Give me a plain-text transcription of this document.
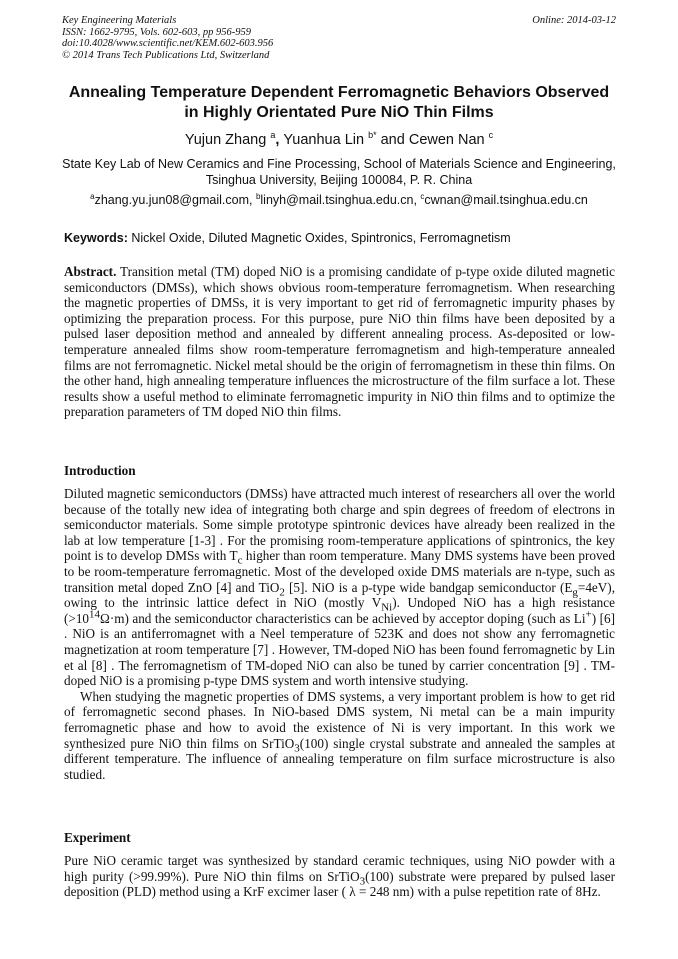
Key Engineering Materials
ISSN: 1662-9795, Vols. 602-603, pp 956-959
doi:10.4028/www.scientific.net/KEM.602-603.956
© 2014 Trans Tech Publications Ltd, Switzerland
Online: 2014-03-12
Annealing Temperature Dependent Ferromagnetic Behaviors Observed
in Highly Orientated Pure NiO Thin Films
Yujun Zhang $^a$, Yuanhua Lin $^{b*}$ and Cewen Nan $^c$
State Key Lab of New Ceramics and Fine Processing, School of Materials Science and Engineering,
Tsinghua University, Beijing 100084, P. R. China
$^a$zhang.yu.jun08@gmail.com, $^b$linyh@mail.tsinghua.edu.cn, $^c$cwnan@mail.tsinghua.edu.cn
Keywords: Nickel Oxide, Diluted Magnetic Oxides, Spintronics, Ferromagnetism

Abstract. Transition metal (TM) doped NiO is a promising candidate of p-type oxide diluted magnetic semiconductors (DMSs), which shows obvious room-temperature ferromagnetism. When researching the magnetic properties of DMSs, it is very important to get rid of ferromagnetic impurity phases by optimizing the preparation process. For this purpose, pure NiO thin films have been deposited by a pulsed laser deposition method and annealed by different annealing process. As-deposited or low-temperature annealed films show room-temperature ferromagnetism and high-temperature annealed films are not ferromagnetic. Nickel metal should be the origin of ferromagnetism in these thin films. On the other hand, high annealing temperature influences the microstructure of the film surface a lot. These results show a useful method to eliminate ferromagnetic impurity in NiO thin films and to optimize the preparation parameters of TM doped NiO thin films.

Introduction

Diluted magnetic semiconductors (DMSs) have attracted much interest of researchers all over the world because of the totally new idea of integrating both charge and spin degrees of freedom of electrons in semiconductor materials. Some simple prototype spintronic devices have already been realized in the lab at low temperature [1-3] . For the promising room-temperature applications of spintronics, the key point is to develop DMSs with $T_c$ higher than room temperature. Many DMS systems have been proved to be room-temperature ferromagnetic. Most of the developed oxide DMS materials are n-type, such as transition metal doped ZnO [4] and TiO$_2$ [5]. NiO is a p-type wide bandgap semiconductor $(E_g=4eV)$, owing to the intrinsic lattice defect in NiO (mostly $V_{Ni}$). Undoped NiO has a high resistance $(>10^{14}\Omega\cdot m)$ and the semiconductor characteristics can be achieved by acceptor doping (such as Li+) [6] . NiO is an antiferromagnet with a Neel temperature of 523K and does not show any ferromagnetic magnetization at room temperature [7] . However, TM-doped NiO has been found ferromagnetic by Lin et al [8] . The ferromagnetism of TM-doped NiO can also be tuned by carrier concentration [9] . TM-doped NiO is a promising p-type DMS system and worth intensive studying.

When studying the magnetic properties of DMS systems, a very important problem is how to get rid of ferromagnetic second phases. In NiO-based DMS system, Ni metal can be a main impurity ferromagnetic phase and how to avoid the existence of Ni is very important. In this work we synthesized pure NiO thin films on SrTiO$_3$(100) single crystal substrate and annealed the samples at different temperature. The influence of annealing temperature on film surface microstructure is also studied.

Experiment

Pure NiO ceramic target was synthesized by standard ceramic techniques, using NiO powder with a high purity (>99.99%). Pure NiO thin films on SrTiO$_3$(100) substrate were prepared by pulsed laser deposition (PLD) method using a KrF excimer laser ( λ = 248 nm) with a pulse repetition rate of 8Hz.
